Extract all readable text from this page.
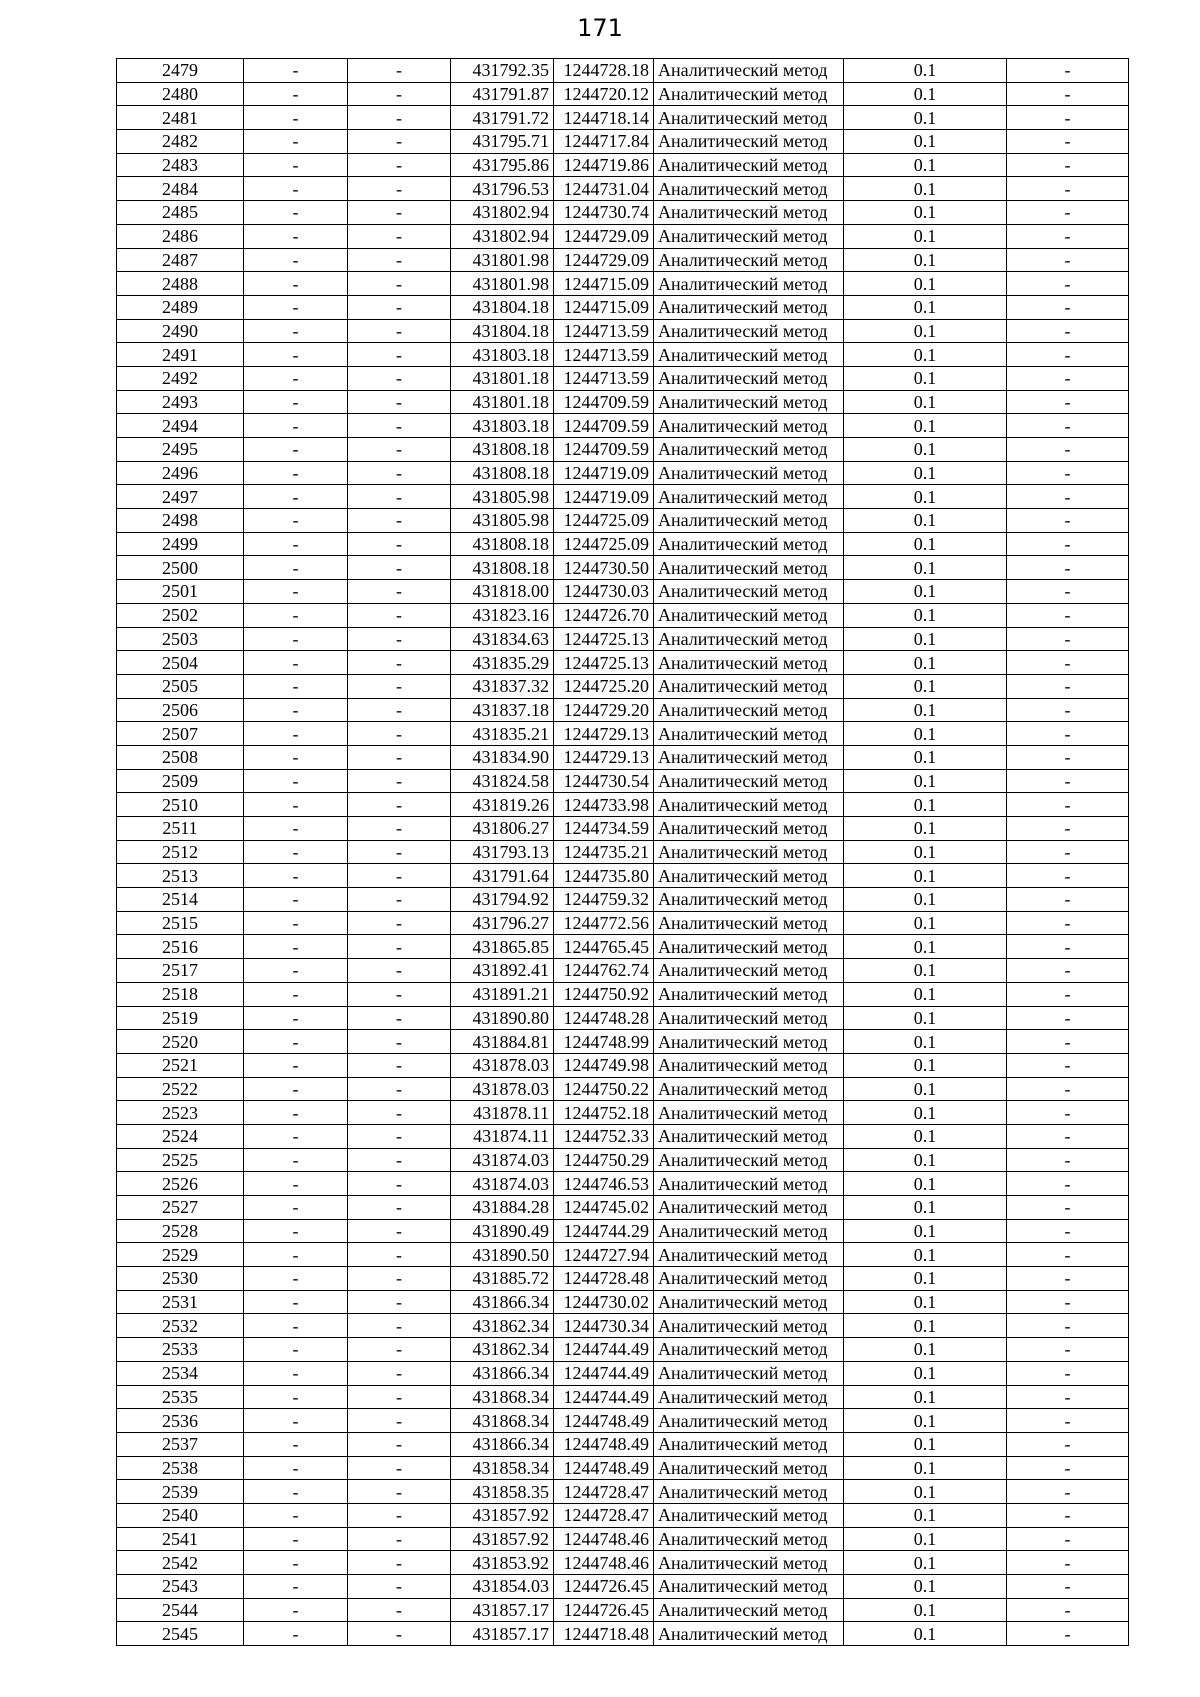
171
2479	-	-	431792.35	1244728.18	Аналитический метод	0.1	-
2480	-	-	431791.87	1244720.12	Аналитический метод	0.1	-
2481	-	-	431791.72	1244718.14	Аналитический метод	0.1	-
2482	-	-	431795.71	1244717.84	Аналитический метод	0.1	-
2483	-	-	431795.86	1244719.86	Аналитический метод	0.1	-
2484	-	-	431796.53	1244731.04	Аналитический метод	0.1	-
2485	-	-	431802.94	1244730.74	Аналитический метод	0.1	-
2486	-	-	431802.94	1244729.09	Аналитический метод	0.1	-
2487	-	-	431801.98	1244729.09	Аналитический метод	0.1	-
2488	-	-	431801.98	1244715.09	Аналитический метод	0.1	-
2489	-	-	431804.18	1244715.09	Аналитический метод	0.1	-
2490	-	-	431804.18	1244713.59	Аналитический метод	0.1	-
2491	-	-	431803.18	1244713.59	Аналитический метод	0.1	-
2492	-	-	431801.18	1244713.59	Аналитический метод	0.1	-
2493	-	-	431801.18	1244709.59	Аналитический метод	0.1	-
2494	-	-	431803.18	1244709.59	Аналитический метод	0.1	-
2495	-	-	431808.18	1244709.59	Аналитический метод	0.1	-
2496	-	-	431808.18	1244719.09	Аналитический метод	0.1	-
2497	-	-	431805.98	1244719.09	Аналитический метод	0.1	-
2498	-	-	431805.98	1244725.09	Аналитический метод	0.1	-
2499	-	-	431808.18	1244725.09	Аналитический метод	0.1	-
2500	-	-	431808.18	1244730.50	Аналитический метод	0.1	-
2501	-	-	431818.00	1244730.03	Аналитический метод	0.1	-
2502	-	-	431823.16	1244726.70	Аналитический метод	0.1	-
2503	-	-	431834.63	1244725.13	Аналитический метод	0.1	-
2504	-	-	431835.29	1244725.13	Аналитический метод	0.1	-
2505	-	-	431837.32	1244725.20	Аналитический метод	0.1	-
2506	-	-	431837.18	1244729.20	Аналитический метод	0.1	-
2507	-	-	431835.21	1244729.13	Аналитический метод	0.1	-
2508	-	-	431834.90	1244729.13	Аналитический метод	0.1	-
2509	-	-	431824.58	1244730.54	Аналитический метод	0.1	-
2510	-	-	431819.26	1244733.98	Аналитический метод	0.1	-
2511	-	-	431806.27	1244734.59	Аналитический метод	0.1	-
2512	-	-	431793.13	1244735.21	Аналитический метод	0.1	-
2513	-	-	431791.64	1244735.80	Аналитический метод	0.1	-
2514	-	-	431794.92	1244759.32	Аналитический метод	0.1	-
2515	-	-	431796.27	1244772.56	Аналитический метод	0.1	-
2516	-	-	431865.85	1244765.45	Аналитический метод	0.1	-
2517	-	-	431892.41	1244762.74	Аналитический метод	0.1	-
2518	-	-	431891.21	1244750.92	Аналитический метод	0.1	-
2519	-	-	431890.80	1244748.28	Аналитический метод	0.1	-
2520	-	-	431884.81	1244748.99	Аналитический метод	0.1	-
2521	-	-	431878.03	1244749.98	Аналитический метод	0.1	-
2522	-	-	431878.03	1244750.22	Аналитический метод	0.1	-
2523	-	-	431878.11	1244752.18	Аналитический метод	0.1	-
2524	-	-	431874.11	1244752.33	Аналитический метод	0.1	-
2525	-	-	431874.03	1244750.29	Аналитический метод	0.1	-
2526	-	-	431874.03	1244746.53	Аналитический метод	0.1	-
2527	-	-	431884.28	1244745.02	Аналитический метод	0.1	-
2528	-	-	431890.49	1244744.29	Аналитический метод	0.1	-
2529	-	-	431890.50	1244727.94	Аналитический метод	0.1	-
2530	-	-	431885.72	1244728.48	Аналитический метод	0.1	-
2531	-	-	431866.34	1244730.02	Аналитический метод	0.1	-
2532	-	-	431862.34	1244730.34	Аналитический метод	0.1	-
2533	-	-	431862.34	1244744.49	Аналитический метод	0.1	-
2534	-	-	431866.34	1244744.49	Аналитический метод	0.1	-
2535	-	-	431868.34	1244744.49	Аналитический метод	0.1	-
2536	-	-	431868.34	1244748.49	Аналитический метод	0.1	-
2537	-	-	431866.34	1244748.49	Аналитический метод	0.1	-
2538	-	-	431858.34	1244748.49	Аналитический метод	0.1	-
2539	-	-	431858.35	1244728.47	Аналитический метод	0.1	-
2540	-	-	431857.92	1244728.47	Аналитический метод	0.1	-
2541	-	-	431857.92	1244748.46	Аналитический метод	0.1	-
2542	-	-	431853.92	1244748.46	Аналитический метод	0.1	-
2543	-	-	431854.03	1244726.45	Аналитический метод	0.1	-
2544	-	-	431857.17	1244726.45	Аналитический метод	0.1	-
2545	-	-	431857.17	1244718.48	Аналитический метод	0.1	-
